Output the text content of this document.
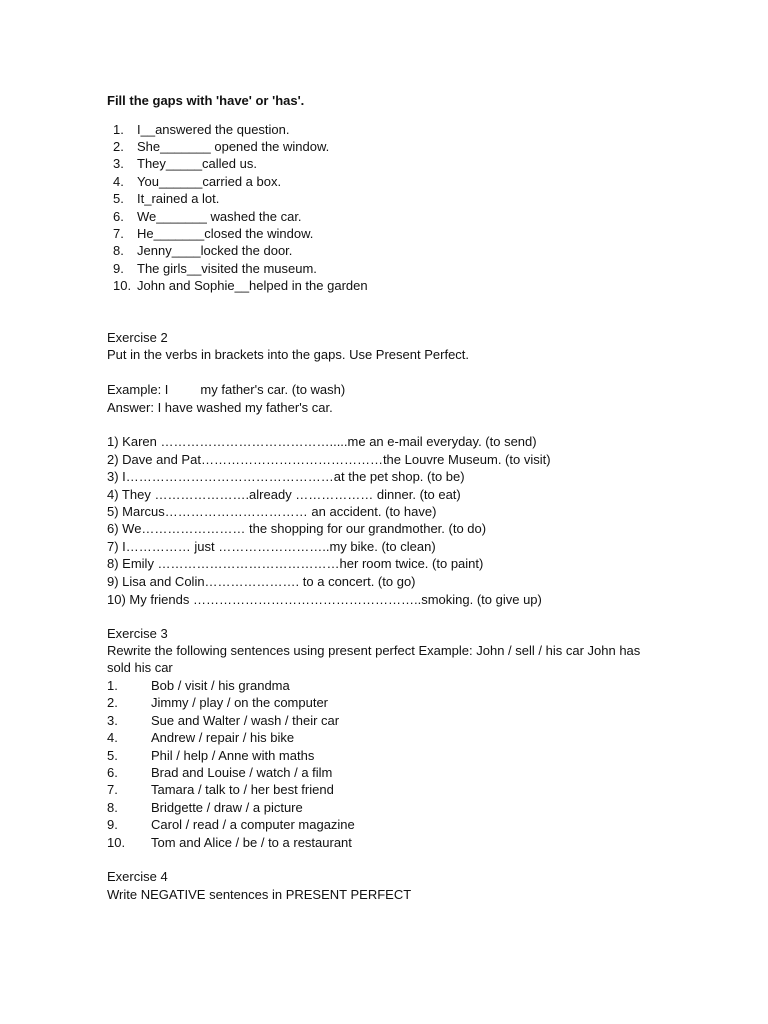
Fill the gaps with 'have' or 'has'.
1. I__answered the question.
2. She_______ opened the window.
3. They_____called us.
4. You______carried a box.
5. It_rained a lot.
6. We_______ washed the car.
7. He_______closed the window.
8. Jenny____locked the door.
9. The girls__visited the museum.
10. John and Sophie__helped in the garden
Exercise 2
Put in the verbs in brackets into the gaps. Use Present Perfect.
Example: I my father's car. (to wash)
Answer: I have washed my father's car.
1) Karen ………………………………….....me an e-mail everyday. (to send)
2) Dave and Pat……………………………………the Louvre Museum. (to visit)
3) I…………………………………………at the pet shop. (to be)
4) They ………………….already ……………… dinner. (to eat)
5) Marcus…………………………… an accident. (to have)
6) We…………………… the shopping for our grandmother. (to do)
7) I…………… just ……………………..my bike. (to clean)
8) Emily ……………………………………her room twice. (to paint)
9) Lisa and Colin…………………. to a concert. (to go)
10) My friends ……………………………………………..smoking. (to give up)
Exercise 3
Rewrite the following sentences using present perfect Example: John / sell / his car John has sold his car
1.	Bob / visit / his grandma
2.	Jimmy / play / on the computer
3.	Sue and Walter / wash / their car
4.	Andrew / repair / his bike
5.	Phil / help / Anne with maths
6.	Brad and Louise / watch / a film
7.	Tamara / talk to / her best friend
8.	Bridgette / draw / a picture
9.	Carol / read / a computer magazine
10. Tom and Alice / be / to a restaurant
Exercise 4
Write NEGATIVE sentences in PRESENT PERFECT
